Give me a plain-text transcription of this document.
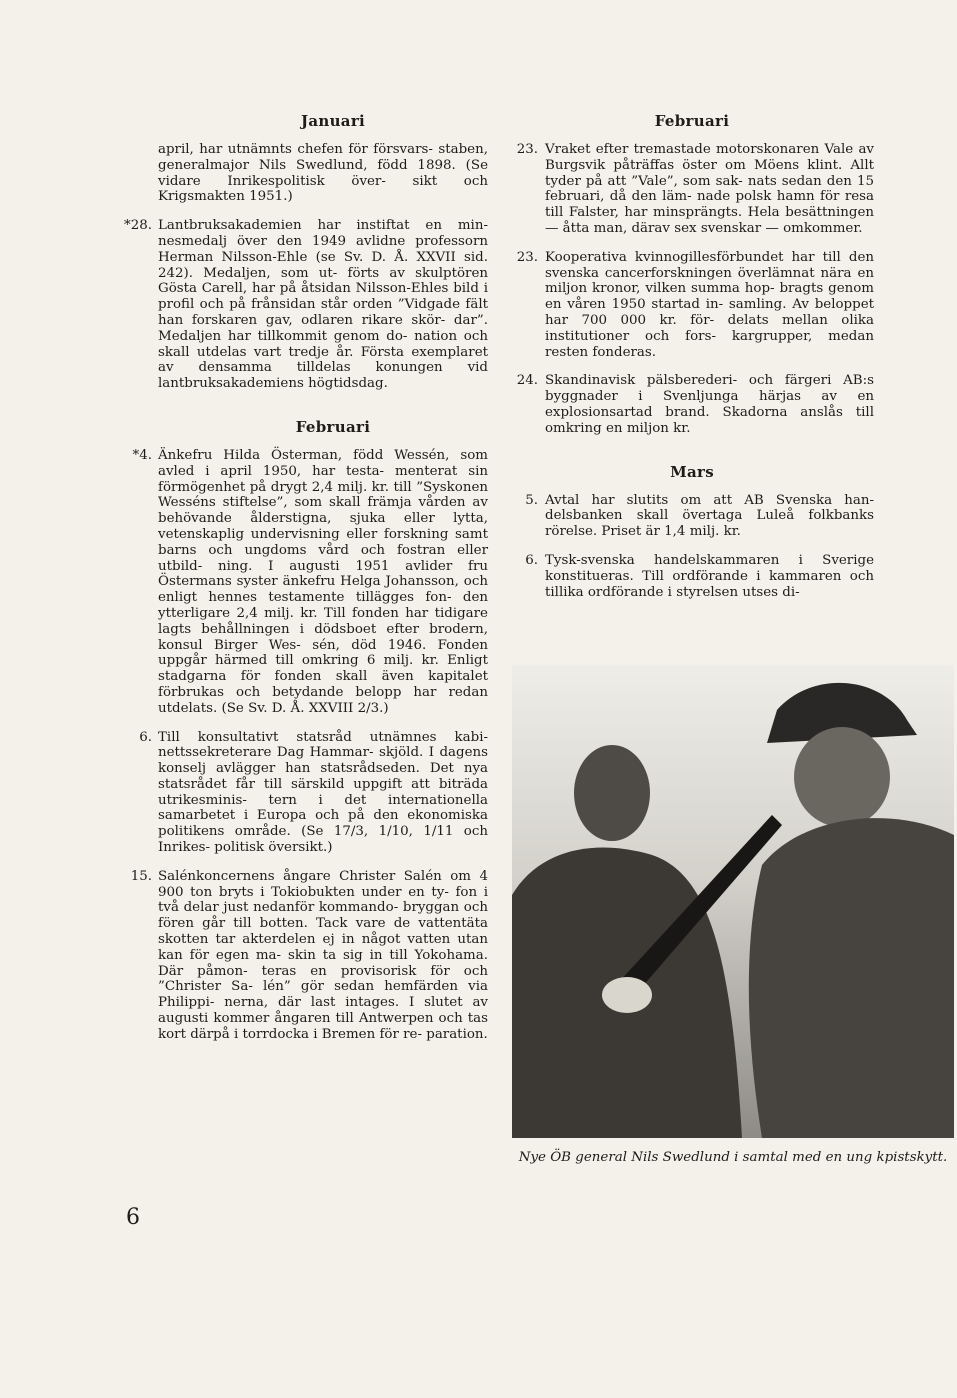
Januari
april, har utnämnts chefen för försvars- staben, generalmajor Nils Swedlund, född 1898. (Se vidare Inrikespolitisk över- sikt och Krigsmakten 1951.)
*28. Lantbruksakademien har instiftat en min- nesmedalj över den 1949 avlidne professorn Herman Nilsson-Ehle (se Sv. D. Å. XXVII sid. 242). Medaljen, som ut- förts av skulptören Gösta Carell, har på åtsidan Nilsson-Ehles bild i profil och på frånsidan står orden ”Vidgade fält han forskaren gav, odlaren rikare skör- dar”. Medaljen har tillkommit genom do- nation och skall utdelas vart tredje år. Första exemplaret av densamma tilldelas konungen vid lantbruksakademiens högtidsdag.
Februari
*4. Änkefru Hilda Österman, född Wessén, som avled i april 1950, har testa- menterat sin förmögenhet på drygt 2,4 milj. kr. till ”Syskonen Wesséns stiftelse”, som skall främja vården av behövande ålderstigna, sjuka eller lytta, vetenskaplig undervisning eller forskning samt barns och ungdoms vård och fostran eller utbild- ning. I augusti 1951 avlider fru Östermans syster änkefru Helga Johansson, och enligt hennes testamente tillägges fon- den ytterligare 2,4 milj. kr. Till fonden har tidigare lagts behållningen i dödsboet efter brodern, konsul Birger Wes- sén, död 1946. Fonden uppgår härmed till omkring 6 milj. kr. Enligt stadgarna för fonden skall även kapitalet förbrukas och betydande belopp har redan utdelats. (Se Sv. D. Å. XXVIII 2/3.)
6. Till konsultativt statsråd utnämnes kabi- nettssekreterare Dag Hammar- skjöld. I dagens konselj avlägger han statsrådseden. Det nya statsrådet får till särskild uppgift att biträda utrikesminis- tern i det internationella samarbetet i Europa och på den ekonomiska politikens område. (Se 17/3, 1/10, 1/11 och Inrikes- politisk översikt.)
15. Salénkoncernens ångare Christer Salén om 4 900 ton bryts i Tokiobukten under en ty- fon i två delar just nedanför kommando- bryggan och fören går till botten. Tack vare de vattentäta skotten tar akterdelen ej in något vatten utan kan för egen ma- skin ta sig in till Yokohama. Där påmon- teras en provisorisk för och ”Christer Sa- lén” gör sedan hemfärden via Philippi- nerna, där last intages. I slutet av augusti kommer ångaren till Antwerpen och tas kort därpå i torrdocka i Bremen för re- paration.
Februari
23. Vraket efter tremastade motorskonaren Vale av Burgsvik påträffas öster om Möens klint. Allt tyder på att ”Vale”, som sak- nats sedan den 15 februari, då den läm- nade polsk hamn för resa till Falster, har minsprängts. Hela besättningen — åtta man, därav sex svenskar — omkommer.
23. Kooperativa kvinnogillesförbundet har till den svenska cancerforskningen överlämnat nära en miljon kronor, vilken summa hop- bragts genom en våren 1950 startad in- samling. Av beloppet har 700 000 kr. för- delats mellan olika institutioner och fors- kargrupper, medan resten fonderas.
24. Skandinavisk pälsberederi- och färgeri AB:s byggnader i Svenljunga härjas av en explosionsartad brand. Skadorna anslås till omkring en miljon kr.
Mars
5. Avtal har slutits om att AB Svenska han- delsbanken skall övertaga Luleå folkbanks rörelse. Priset är 1,4 milj. kr.
6. Tysk-svenska handelskammaren i Sverige konstitueras. Till ordförande i kammaren och tillika ordförande i styrelsen utses di-
Nye ÖB general Nils Swedlund i samtal med en ung kpistskytt.
6
